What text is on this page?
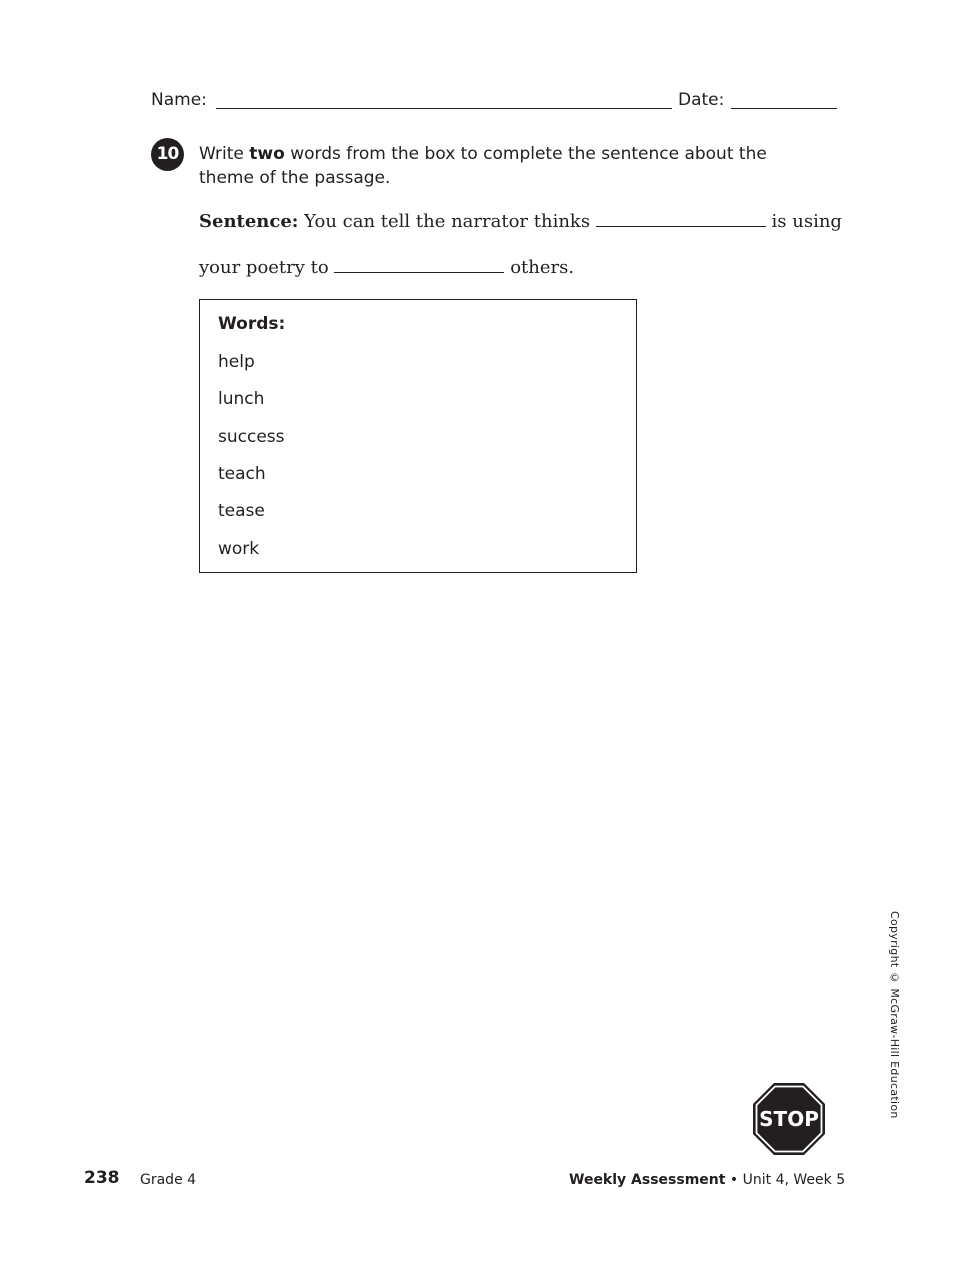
Name:	Date:
10	Write two words from the box to complete the sentence about the theme of the passage.
Sentence: You can tell the narrator thinks	is using
your poetry to	others.
Words:
help
lunch
success
teach
tease
work
Copyright © McGraw-Hill Education
STOP
238 Grade 4	Weekly Assessment • Unit 4, Week 5
